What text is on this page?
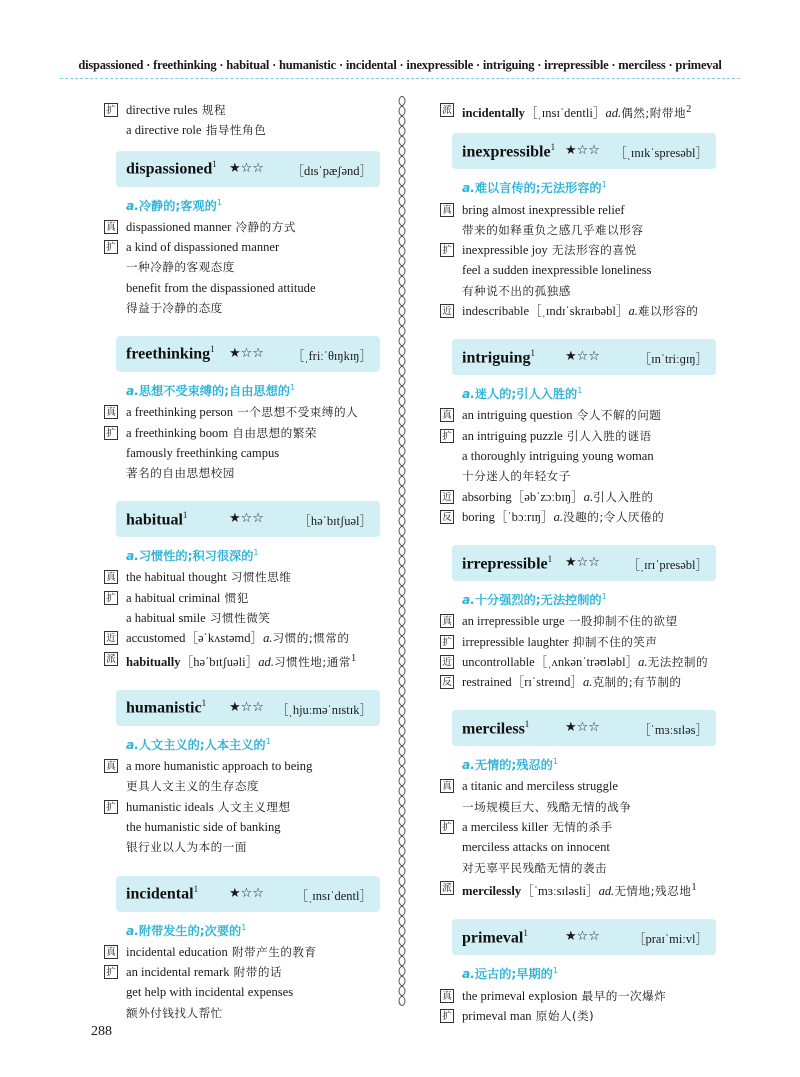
dispassioned · freethinking · habitual · humanistic · incidental · inexpressible · intriguing · irrepressible · merciless · primeval
扩 directive rules 规程
a directive role 指导性角色
dispassioned$^1$ ★☆☆ ［dɪsˈpæʃənd］
a.冷静的;客观的$^1$
真 dispassioned manner 冷静的方式
扩 a kind of dispassioned manner
一种冷静的客观态度
benefit from the dispassioned attitude
得益于冷静的态度
freethinking$^1$ ★☆☆ ［ˌfriːˈθɪŋkɪŋ］
a.思想不受束缚的;自由思想的$^1$
真 a freethinking person 一个思想不受束缚的人
扩 a freethinking boom 自由思想的繁荣
famously freethinking campus
著名的自由思想校园
habitual$^1$	★☆☆	［həˈbɪtʃuəl］
a.习惯性的;积习很深的$^1$
真 the habitual thought 习惯性思维
扩 a habitual criminal 惯犯
a habitual smile 习惯性微笑
近 accustomed［əˈkʌstəmd］a.习惯的;惯常的
派 habitually［həˈbɪtʃuəli］ad.习惯性地;通常$^1$
humanistic$^1$ ★☆☆ ［ˌhjuːməˈnɪstɪk］
a.人文主义的;人本主义的$^1$
真 a more humanistic approach to being
更具人文主义的生存态度
扩 humanistic ideals 人文主义理想
the humanistic side of banking
银行业以人为本的一面
incidental$^1$ ★☆☆	［ˌɪnsɪˈdentl］
a.附带发生的;次要的$^1$
真 incidental education 附带产生的教育
扩 an incidental remark 附带的话
get help with incidental expenses
额外付钱找人帮忙
派 incidentally［ˌɪnsɪˈdentli］ad.偶然;附带地$^2$
inexpressible$^1$ ★☆☆ ［ˌɪnɪkˈspresəbl］
a.难以言传的;无法形容的$^1$
真 bring almost inexpressible relief
带来的如释重负之感几乎难以形容
扩 inexpressible joy 无法形容的喜悦
feel a sudden inexpressible loneliness
有种说不出的孤独感
近 indescribable［ˌɪndɪˈskraɪbəbl］a.难以形容的
intriguing$^1$ ★☆☆	［ɪnˈtriːɡɪŋ］
a.迷人的;引人入胜的$^1$
真 an intriguing question 令人不解的问题
扩 an intriguing puzzle 引人入胜的谜语
a thoroughly intriguing young woman
十分迷人的年轻女子
近 absorbing［əbˈzɔːbɪŋ］a.引人入胜的
反 boring［ˈbɔːrɪŋ］a.没趣的;令人厌倦的
irrepressible$^1$ ★☆☆ ［ˌɪrɪˈpresəbl］
a.十分强烈的;无法控制的$^1$
真 an irrepressible urge 一股抑制不住的欲望
扩 irrepressible laughter 抑制不住的笑声
近 uncontrollable［ˌʌnkənˈtrəʊləbl］a.无法控制的
反 restrained［rɪˈstreɪnd］a.克制的;有节制的
merciless$^1$	★☆☆	［ˈmɜːsɪləs］
a.无情的;残忍的$^1$
真 a titanic and merciless struggle
一场规模巨大、残酷无情的战争
扩 a merciless killer 无情的杀手
merciless attacks on innocent
对无辜平民残酷无情的袭击
派 mercilessly［ˈmɜːsɪləsli］ad.无情地;残忍地$^1$
primeval$^1$	★☆☆	［praɪˈmiːvl］
a.远古的;早期的$^1$
真 the primeval explosion 最早的一次爆炸
扩 primeval man 原始人(类)
288
